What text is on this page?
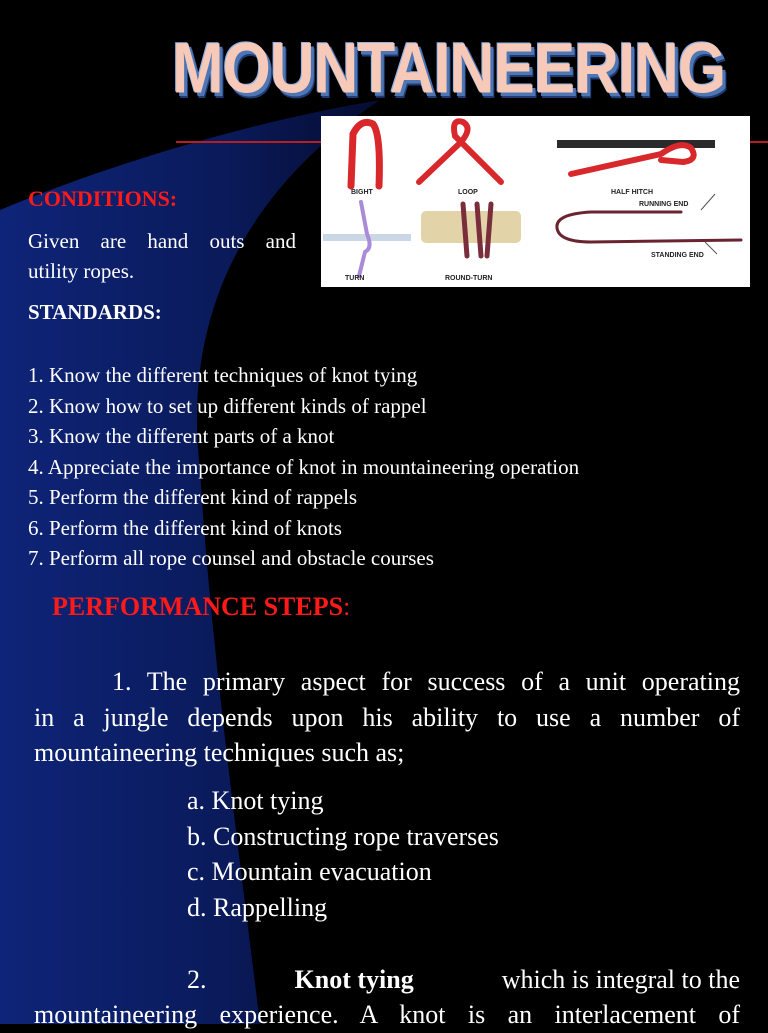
MOUNTAINEERING
BIGHT	LOOP	HALF HITCH
RUNNING END
TURN	ROUND-TURN
STANDING END
CONDITIONS:
Given are hand outs and
utility ropes.
STANDARDS:
1. Know the different techniques of knot tying
2. Know how to set up different kinds of rappel
3. Know the different parts of a knot
4. Appreciate the importance of knot in mountaineering operation
5. Perform the different kind of rappels
6. Perform the different kind of knots
7. Perform all rope counsel and obstacle courses
PERFORMANCE STEPS:
1. The primary aspect for success of a unit operating
in a jungle depends upon his ability to use a number of
mountaineering techniques such as;
a. Knot tying
b. Constructing rope traverses
c. Mountain evacuation
d. Rappelling
2.	Knot tying	which is integral to the
mountaineering experience. A knot is an interlacement of
